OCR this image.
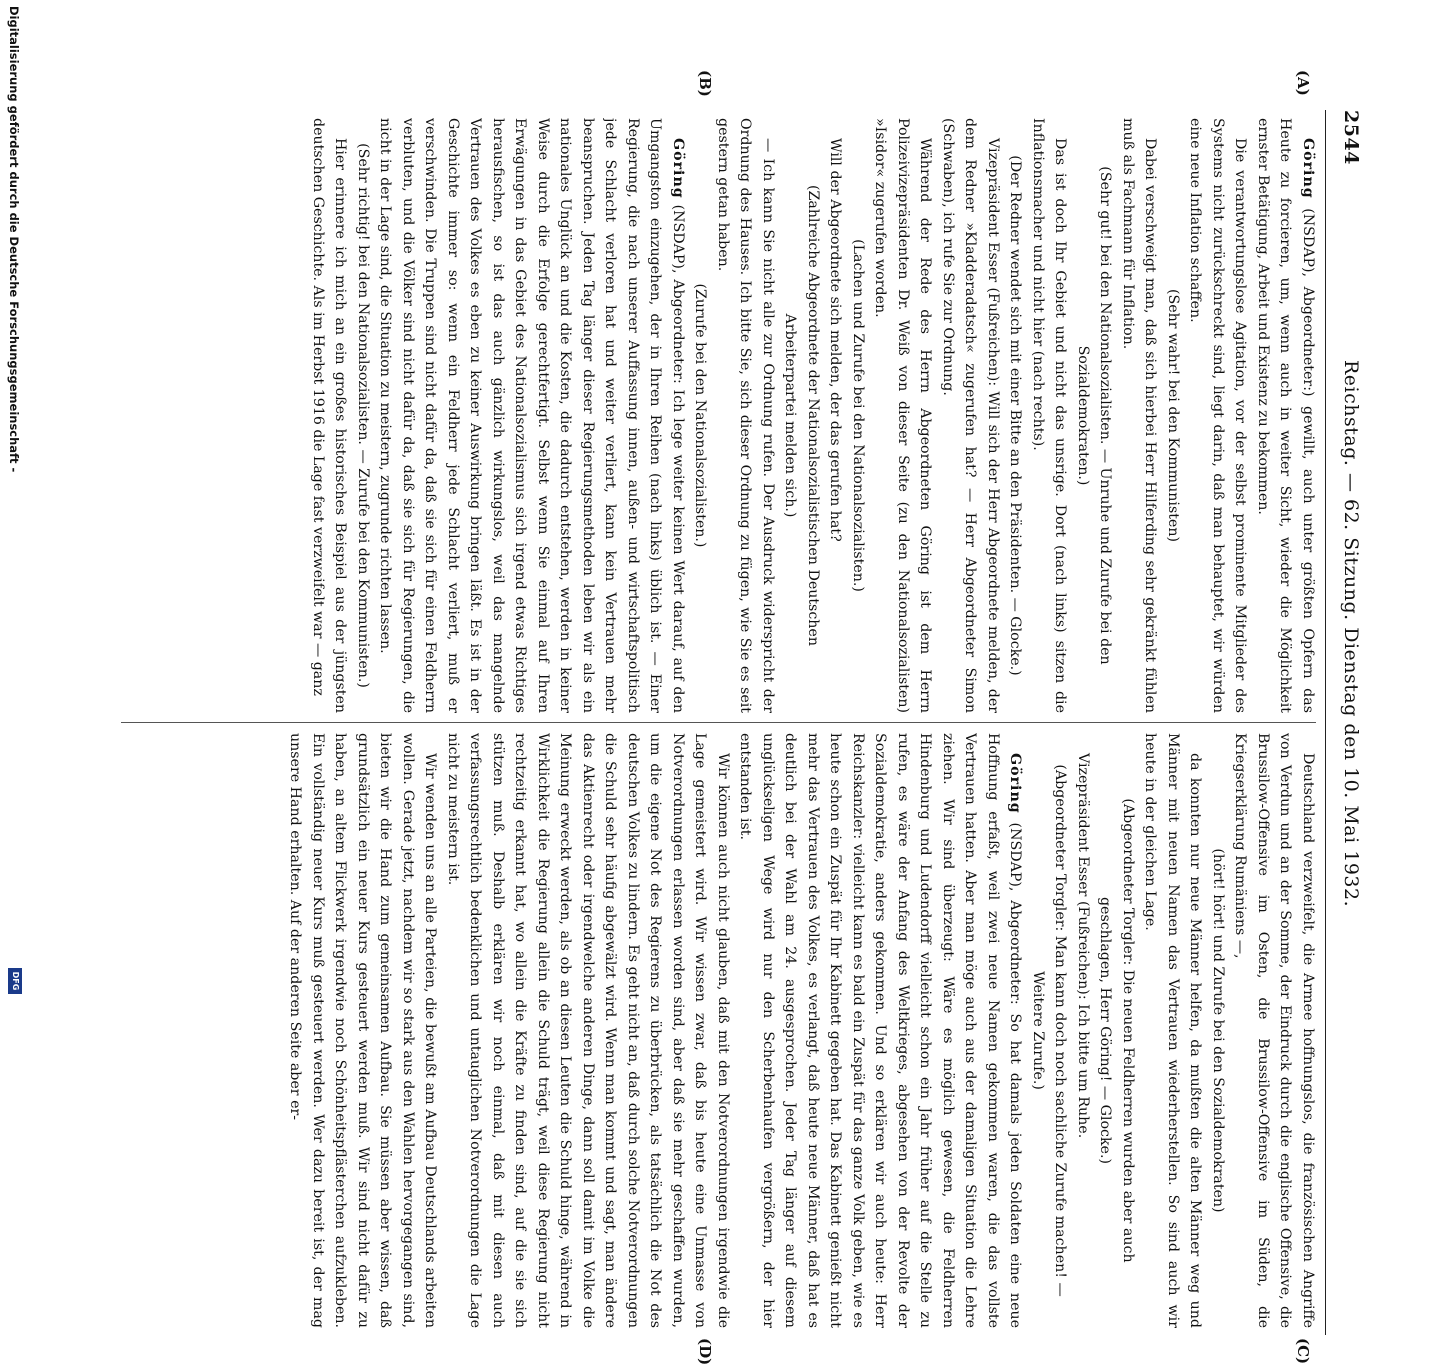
2544
Reichstag. — 62. Sitzung. Dienstag den 10. Mai 1932.
(A)
(B)
(C)
(D)

Göring (NSDAP), Abgeordneter:) gewillt, auch unter größten Opfern das Heute zu forcieren, um, wenn auch in weiter Sicht, wieder die Möglichkeit ernster Betätigung, Arbeit und Existenz zu bekommen.

Die verantwortungslose Agitation, vor der selbst prominente Mitglieder des Systems nicht zurückschreckt sind, liegt darin, daß man behauptet, wir würden eine neue Inflation schaffen.

(Sehr wahr! bei den Kommunisten)

Dabei verschweigt man, daß sich hierbei Herr Hilferding sehr gekränkt fühlen muß als Fachmann für Inflation.

(Sehr gut! bei den Nationalsozialisten. — Unruhe und Zurufe bei den Sozialdemokraten.)

Das ist doch Ihr Gebiet und nicht das unsrige. Dort (nach links) sitzen die Inflationsmacher und nicht hier (nach rechts).

(Der Redner wendet sich mit einer Bitte an den Präsidenten. — Glocke.)

Vizepräsident Esser (Fußreichen): Will sich der Herr Abgeordnete melden, der dem Redner »Kladderadatsch« zugerufen hat? — Herr Abgeordneter Simon (Schwaben), ich rufe Sie zur Ordnung.

Während der Rede des Herrn Abgeordneten Göring ist dem Herrn Polizeivizepräsidenten Dr. Weiß von dieser Seite (zu den Nationalsozialisten) »Isidor« zugerufen worden.

(Lachen und Zurufe bei den Nationalsozialisten.)

Will der Abgeordnete sich melden, der das gerufen hat?

(Zahlreiche Abgeordnete der Nationalsozialistischen Deutschen Arbeiterpartei melden sich.)

— Ich kann Sie nicht alle zur Ordnung rufen. Der Ausdruck widerspricht der Ordnung des Hauses. Ich bitte Sie, sich dieser Ordnung zu fügen, wie Sie es seit gestern getan haben.

(Zurufe bei den Nationalsozialisten.)

Göring (NSDAP), Abgeordneter: Ich lege weiter keinen Wert darauf, auf den Umgangston einzugehen, der in Ihren Reihen (nach links) üblich ist. — Einer Regierung, die nach unserer Auffassung innen, außen- und wirtschaftspolitisch jede Schlacht verloren hat und weiter verliert, kann kein Vertrauen mehr beanspruchen. Jeden Tag länger dieser Regierungsmethoden leben wir als ein nationales Unglück an und die Kosten, die dadurch entstehen, werden in keiner Weise durch die Erfolge gerechtfertigt. Selbst wenn Sie einmal auf Ihren Erwägungen in das Gebiet des Nationalsozialismus sich irgend etwas Richtiges herausfischen, so ist das auch gänzlich wirkungslos, weil das mangelnde Vertrauen des Volkes es eben zu keiner Auswirkung bringen läßt. Es ist in der Geschichte immer so: wenn ein Feldherr jede Schlacht verliert, muß er verschwinden. Die Truppen sind nicht dafür da, daß sie sich für einen Feldherrn verbluten, und die Völker sind nicht dafür da, daß sie sich für Regierungen, die nicht in der Lage sind, die Situation zu meistern, zugrunde richten lassen.

(Sehr richtig! bei den Nationalsozialisten. — Zurufe bei den Kommunisten.)

Hier erinnere ich mich an ein großes historisches Beispiel aus der jüngsten deutschen Geschichte. Als im Herbst 1916 die Lage fast verzweifelt war — ganz

Deutschland verzweifelt, die Armee hoffnungslos, die französischen Angriffe von Verdun und an der Somme, der Eindruck durch die englische Offensive, die Brussilow-Offensive im Osten, die Brussilow-Offensive im Süden, die Kriegserklärung Rumäniens —,

(hört! hört! und Zurufe bei den Sozialdemokraten)

da konnten nur neue Männer helfen, da mußten die alten Männer weg und Männer mit neuen Namen das Vertrauen wiederherstellen. So sind auch wir heute in der gleichen Lage.

(Abgeordneter Torgler: Die neuen Feldherren wurden aber auch geschlagen, Herr Göring! — Glocke.)

Vizepräsident Esser (Fußreichen): Ich bitte um Ruhe.

(Abgeordneter Torgler: Man kann doch noch sachliche Zurufe machen! — Weitere Zurufe.)

Göring (NSDAP), Abgeordneter: So hat damals jeden Soldaten eine neue Hoffnung erfaßt, weil zwei neue Namen gekommen waren, die das vollste Vertrauen hatten. Aber man möge auch aus der damaligen Situation die Lehre ziehen. Wir sind überzeugt: Wäre es möglich gewesen, die Feldherren Hindenburg und Ludendorff vielleicht schon ein Jahr früher auf die Stelle zu rufen, es wäre der Anfang des Weltkrieges, abgesehen von der Revolte der Sozialdemokratie, anders gekommen. Und so erklären wir auch heute: Herr Reichskanzler: vielleicht kann es bald ein Zuspät für das ganze Volk geben, wie es heute schon ein Zuspät für Ihr Kabinett gegeben hat. Das Kabinett genießt nicht mehr das Vertrauen des Volkes, es verlangt, daß heute neue Männer, daß hat es deutlich bei der Wahl am 24. ausgesprochen. Jeder Tag länger auf diesem unglückseligen Wege wird nur den Scherbenhaufen vergrößern, der hier entstanden ist.

Wir können auch nicht glauben, daß mit den Notverordnungen irgendwie die Lage gemeistert wird. Wir wissen zwar, daß bis heute eine Unmasse von Notverordnungen erlassen worden sind, aber daß sie mehr geschaffen wurden, um die eigene Not des Regierens zu überbrücken, als tatsächlich die Not des deutschen Volkes zu lindern. Es geht nicht an, daß durch solche Notverordnungen die Schuld sehr häufig abgewälzt wird. Wenn man kommt und sagt, man ändere das Aktienrecht oder irgendwelche anderen Dinge, dann soll damit im Volke die Meinung erweckt werden, als ob an diesen Leuten die Schuld hinge, während in Wirklichkeit die Regierung allein die Schuld trägt, weil diese Regierung nicht rechtzeitig erkannt hat, wo allein die Kräfte zu finden sind, auf die sie sich stützen muß. Deshalb erklären wir noch einmal, daß mit diesen auch verfassungsrechtlich bedenklichen und untauglichen Notverordnungen die Lage nicht zu meistern ist.

Wir wenden uns an alle Parteien, die bewußt am Aufbau Deutschlands arbeiten wollen. Gerade jetzt, nachdem wir so stark aus den Wahlen hervorgegangen sind, bieten wir die Hand zum gemeinsamen Aufbau. Sie müssen aber wissen, daß grundsätzlich ein neuer Kurs gesteuert werden muß. Wir sind nicht dafür zu haben, an altem Flickwerk irgendwie noch Schönheitspflästerchen aufzukleben. Ein vollständig neuer Kurs muß gesteuert werden. Wer dazu bereit ist, der mag unsere Hand erhalten. Auf der anderen Seite aber er-

Digitalisierung gefördert durch die Deutsche Forschungsgemeinschaft -
DFG
